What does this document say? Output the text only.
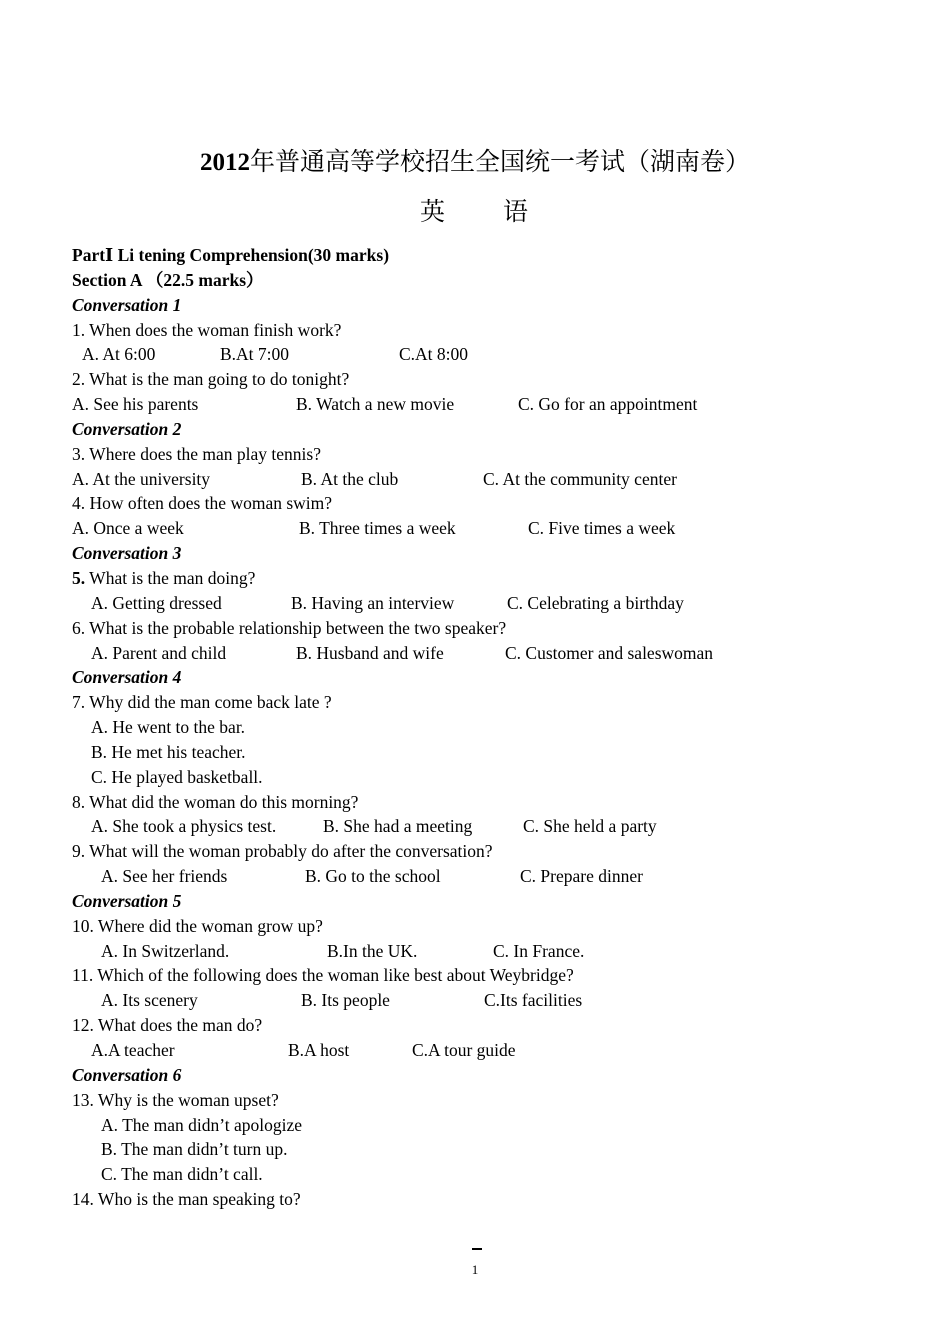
2012年普通高等学校招生全国统一考试（湖南卷）
英 语
PartⅠ Li tening Comprehension(30 marks)
Section A （22.5 marks）
Conversation 1
1. When does the woman finish work?
A. At 6:00	B.At 7:00	C.At 8:00
2. What is the man going to do tonight?
A. See his parents	B. Watch a new movie	C. Go for an appointment
Conversation 2
3. Where does the man play tennis?
A. At the university	B. At the club	C. At the community center
4. How often does the woman swim?
A. Once a week	B. Three times a week	C. Five times a week
Conversation 3
5. What is the man doing?
A. Getting dressed	B. Having an interview	C. Celebrating a birthday
6. What is the probable relationship between the two speaker?
A. Parent and child	B. Husband and wife	C. Customer and saleswoman
Conversation 4
7. Why did the man come back late ?
A. He went to the bar.
B. He met his teacher.
C. He played basketball.
8. What did the woman do this morning?
A. She took a physics test.	B. She had a meeting	C. She held a party
9. What will the woman probably do after the conversation?
A. See her friends	B. Go to the school	C. Prepare dinner
Conversation 5
10. Where did the woman grow up?
A. In Switzerland.	B.In the UK.	C. In France.
11. Which of the following does the woman like best about Weybridge?
A. Its scenery	B. Its people	C.Its facilities
12. What does the man do?
A.A teacher	B.A host	C.A tour guide
Conversation 6
13. Why is the woman upset?
A. The man didn’t apologize
B. The man didn’t turn up.
C. The man didn’t call.
14. Who is the man speaking to?
1
